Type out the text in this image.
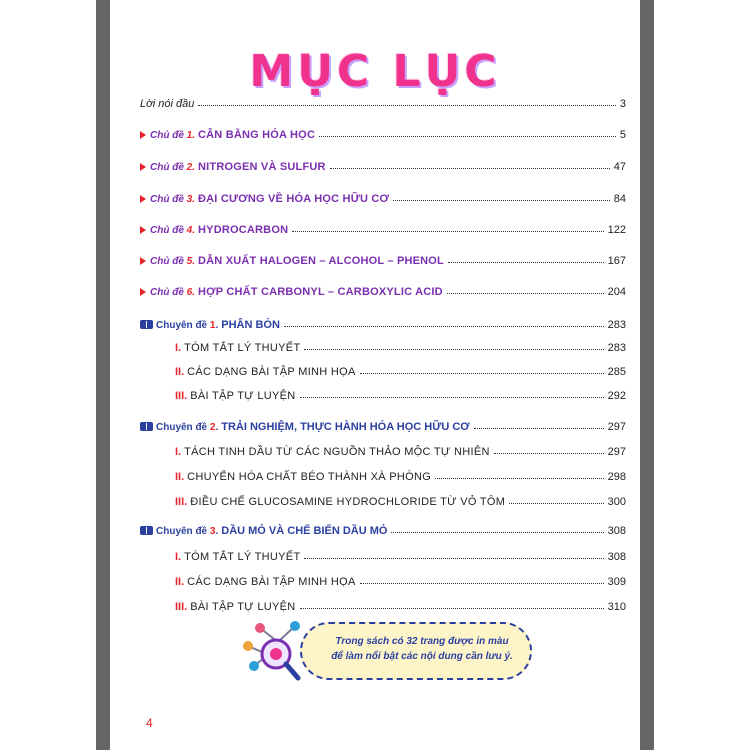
MỤC LỤC
Lời nói đầu	3
Chủ đề 1. CÂN BẰNG HÓA HỌC	5
Chủ đề 2. NITROGEN VÀ SULFUR	47
Chủ đề 3. ĐẠI CƯƠNG VỀ HÓA HỌC HỮU CƠ	84
Chủ đề 4. HYDROCARBON	122
Chủ đề 5. DẪN XUẤT HALOGEN – ALCOHOL – PHENOL	167
Chủ đề 6. HỢP CHẤT CARBONYL – CARBOXYLIC ACID	204
Chuyên đề 1. PHÂN BÓN	283
I. TÓM TẮT LÝ THUYẾT	283
II. CÁC DẠNG BÀI TẬP MINH HỌA	285
III. BÀI TẬP TỰ LUYỆN	292
Chuyên đề 2. TRẢI NGHIỆM, THỰC HÀNH HÓA HỌC HỮU CƠ	297
I. TÁCH TINH DẦU TỪ CÁC NGUỒN THẢO MỘC TỰ NHIÊN	297
II. CHUYỂN HÓA CHẤT BÉO THÀNH XÀ PHÒNG	298
III. ĐIỀU CHẾ GLUCOSAMINE HYDROCHLORIDE TỪ VỎ TÔM	300
Chuyên đề 3. DẦU MỎ VÀ CHẾ BIẾN DẦU MỎ	308
I. TÓM TẮT LÝ THUYẾT	308
II. CÁC DẠNG BÀI TẬP MINH HỌA	309
III. BÀI TẬP TỰ LUYỆN	310
Trong sách có 32 trang được in màu
để làm nổi bật các nội dung cần lưu ý.
4
